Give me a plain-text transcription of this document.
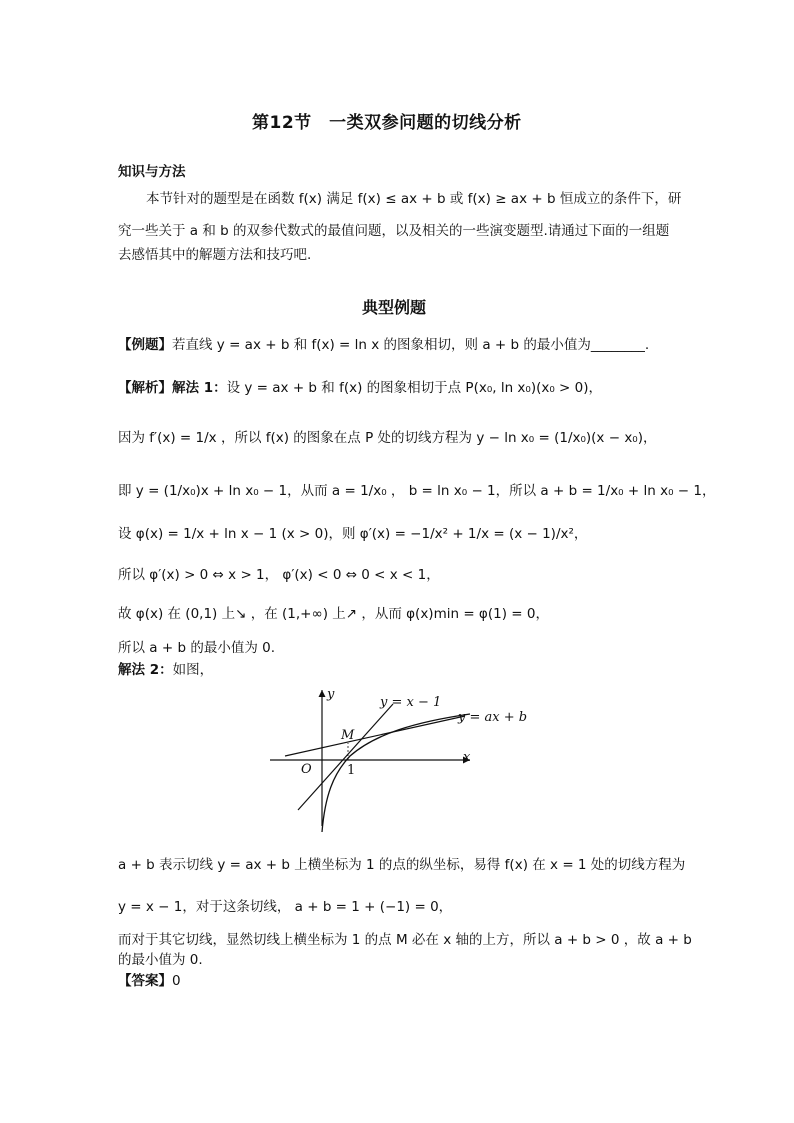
第12节　一类双参问题的切线分析
知识与方法
本节针对的题型是在函数 f(x) 满足 f(x) ≤ ax + b 或 f(x) ≥ ax + b 恒成立的条件下，研
究一些关于 a 和 b 的双参代数式的最值问题，以及相关的一些演变题型.请通过下面的一组题
去感悟其中的解题方法和技巧吧.
典型例题
【例题】若直线 y = ax + b 和 f(x) = ln x 的图象相切，则 a + b 的最小值为________.
【解析】解法 1：设 y = ax + b 和 f(x) 的图象相切于点 P(x₀, ln x₀)(x₀ > 0)，
因为 f′(x) = 1/x ，所以 f(x) 的图象在点 P 处的切线方程为 y − ln x₀ = (1/x₀)(x − x₀)，
即 y = (1/x₀)x + ln x₀ − 1，从而 a = 1/x₀ ， b = ln x₀ − 1，所以 a + b = 1/x₀ + ln x₀ − 1，
设 φ(x) = 1/x + ln x − 1 (x > 0)，则 φ′(x) = −1/x² + 1/x = (x − 1)/x²，
所以 φ′(x) > 0 ⇔ x > 1， φ′(x) < 0 ⇔ 0 < x < 1，
故 φ(x) 在 (0,1) 上↘ ，在 (1,+∞) 上↗ ，从而 φ(x)min = φ(1) = 0，
所以 a + b 的最小值为 0.
解法 2：如图，
x
y
O
M
1
y = x − 1
y = ax + b
a + b 表示切线 y = ax + b 上横坐标为 1 的点的纵坐标，易得 f(x) 在 x = 1 处的切线方程为
y = x − 1，对于这条切线， a + b = 1 + (−1) = 0，
而对于其它切线，显然切线上横坐标为 1 的点 M 必在 x 轴的上方，所以 a + b > 0 ，故 a + b
的最小值为 0.
【答案】0
